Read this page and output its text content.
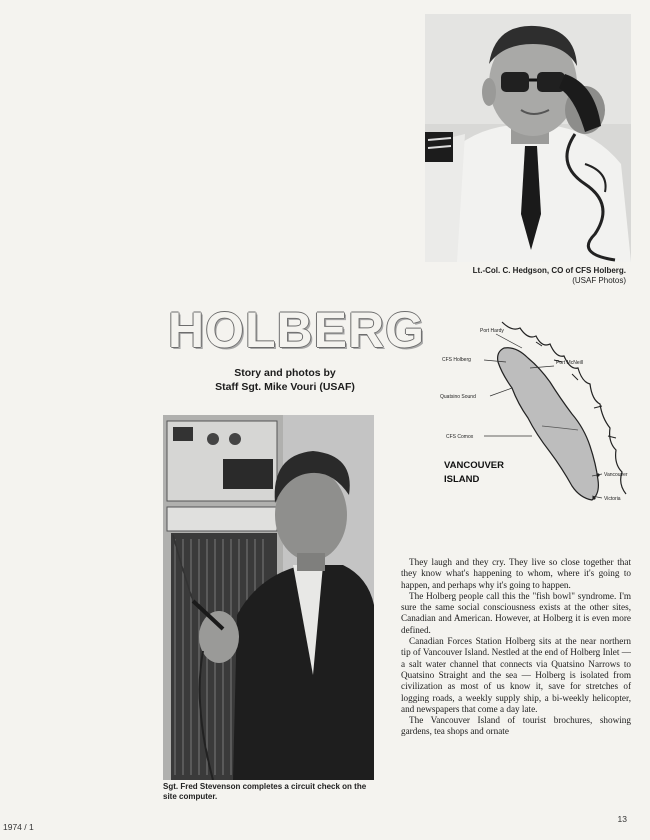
Lt.-Col. C. Hedgson, CO of CFS Holberg.
(USAF Photos)
HOLBERG
Story and photos by
Staff Sgt. Mike Vouri (USAF)
Port Hardy
CFS Holberg	Port McNeill
Quatsino Sound
CFS Comox
Vancouver
Victoria
VANCOUVER
ISLAND
Sgt. Fred Stevenson completes a circuit check on the site computer.

They laugh and they cry. They live so close together that they know what's happening to whom, where it's going to happen, and perhaps why it's going to happen.

The Holberg people call this the "fish bowl" syndrome. I'm sure the same social consciousness exists at the other sites, Canadian and American. However, at Holberg it is even more defined.

Canadian Forces Station Holberg sits at the near northern tip of Vancouver Island. Nestled at the end of Holberg Inlet — a salt water channel that connects via Quatsino Narrows to Quatsino Straight and the sea — Holberg is isolated from civilization as most of us know it, save for stretches of logging roads, a weekly supply ship, a bi-weekly helicopter, and newspapers that come a day late.

The Vancouver Island of tourist brochures, showing gardens, tea shops and ornate

1974 / 1
13
